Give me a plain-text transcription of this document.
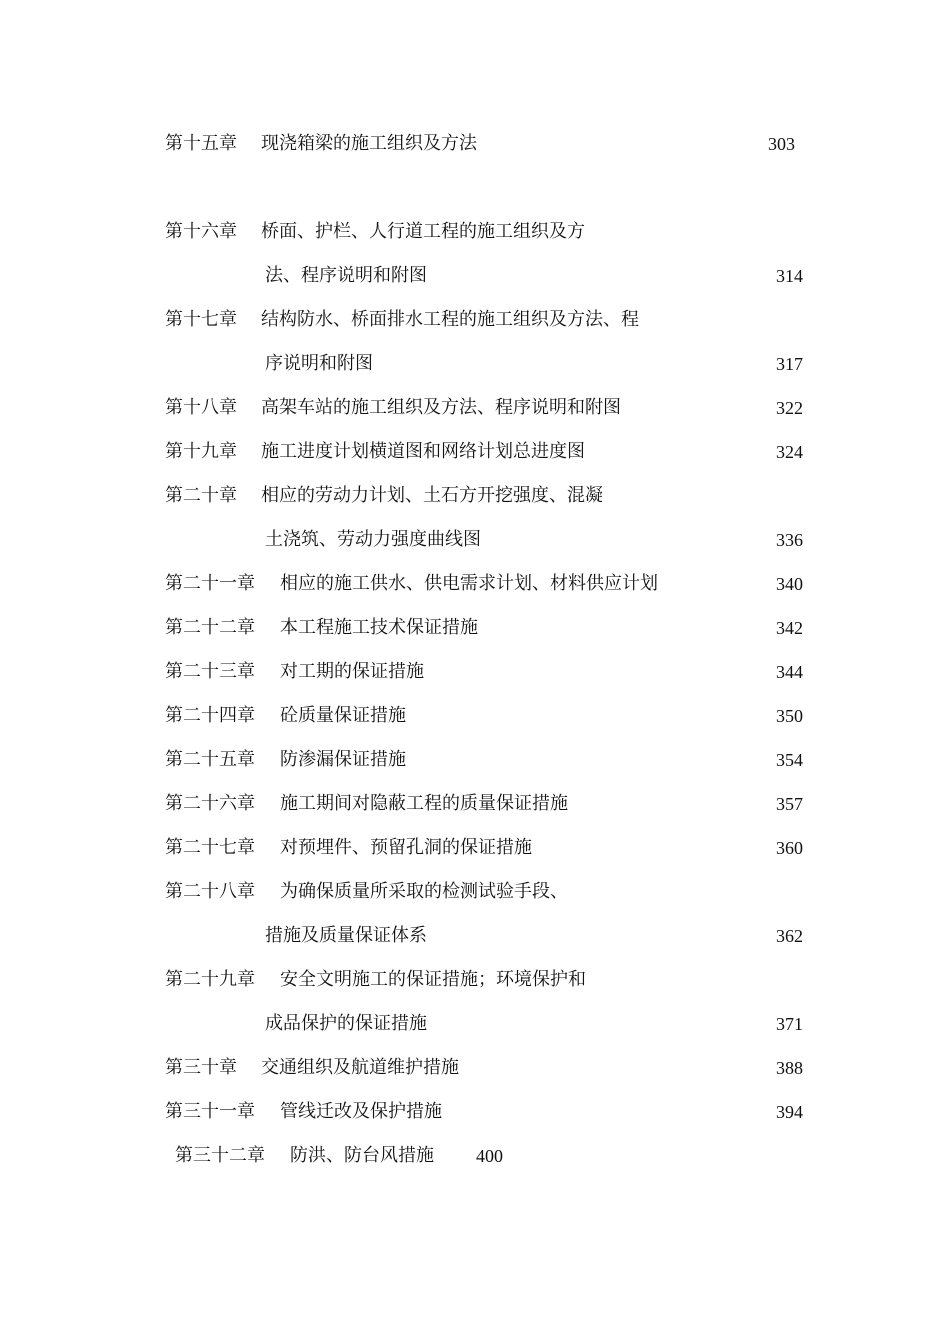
第十五章 现浇箱梁的施工组织及方法	303
第十六章 桥面、护栏、人行道工程的施工组织及方
法、程序说明和附图	314
第十七章 结构防水、桥面排水工程的施工组织及方法、程
序说明和附图	317
第十八章 高架车站的施工组织及方法、程序说明和附图	322
第十九章 施工进度计划横道图和网络计划总进度图	324
第二十章 相应的劳动力计划、土石方开挖强度、混凝
土浇筑、劳动力强度曲线图	336
第二十一章 相应的施工供水、供电需求计划、材料供应计划	340
第二十二章 本工程施工技术保证措施	342
第二十三章 对工期的保证措施	344
第二十四章 砼质量保证措施	350
第二十五章 防渗漏保证措施	354
第二十六章 施工期间对隐蔽工程的质量保证措施	357
第二十七章 对预埋件、预留孔洞的保证措施	360
第二十八章 为确保质量所采取的检测试验手段、
措施及质量保证体系	362
第二十九章 安全文明施工的保证措施；环境保护和
成品保护的保证措施	371
第三十章 交通组织及航道维护措施	388
第三十一章 管线迁改及保护措施	394
第三十二章 防洪、防台风措施 400
